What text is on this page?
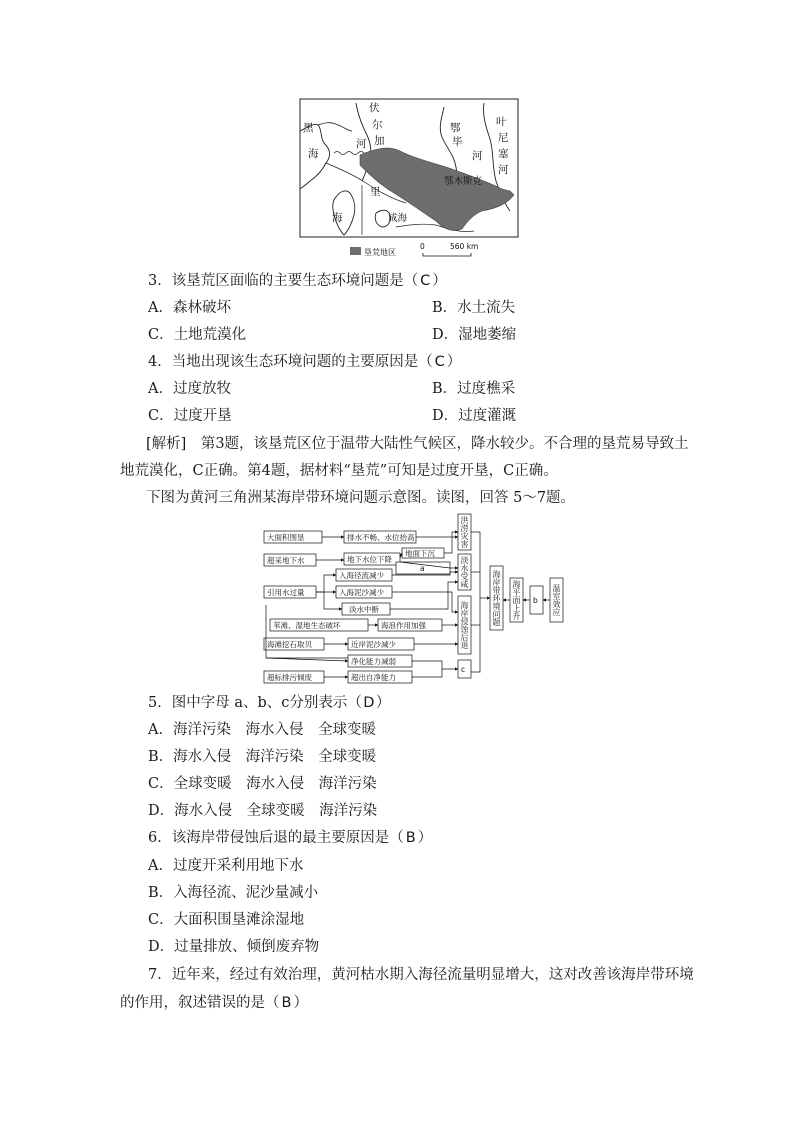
黑
海
伏
尔
加
河
鄂
毕
河
叶
尼
塞
河
鄂木斯克
里
海	咸海
垦荒地区
0	560 km
3．该垦荒区面临的主要生态环境问题是（ C ）
A．森林破坏	B．水土流失
C．土地荒漠化	D．湿地萎缩
4．当地出现该生态环境问题的主要原因是（ C ）
A．过度放牧	B．过度樵采
C．过度开垦	D．过度灌溉
[解析]　第3题，该垦荒区位于温带大陆性气候区，降水较少。不合理的垦荒易导致土
地荒漠化，C正确。第4题，据材料“垦荒”可知是过度开垦，C正确。
下图为黄河三角洲某海岸带环境问题示意图。读图，回答 5～7题。
大面积围垦
超采地下水
引用水过量
苇滩、湿地生态破坏
海滩挖石取贝
超标排污倾废
排水不畅、水位抬高
地下水位下降
地面下沉
a
入海径流减少
入海泥沙减少
淡水中断
海浪作用加强
近岸泥沙减少
净化能力减弱
超出自净能力
c
b
洪涝灾害
淡水受咸
海岸侵蚀后退	海岸带环境问题 海平面上升	温室效应
5．图中字母 a、b、c分别表示（D）
A．海洋污染　海水入侵　全球变暖
B．海水入侵　海洋污染　全球变暖
C．全球变暖　海水入侵　海洋污染
D．海水入侵　全球变暖　海洋污染
6．该海岸带侵蚀后退的最主要原因是（ B ）
A．过度开采利用地下水
B．入海径流、泥沙量减小
C．大面积围垦滩涂湿地
D．过量排放、倾倒废弃物
7．近年来，经过有效治理，黄河枯水期入海径流量明显增大，这对改善该海岸带环境
的作用，叙述错误的是（ B ）
